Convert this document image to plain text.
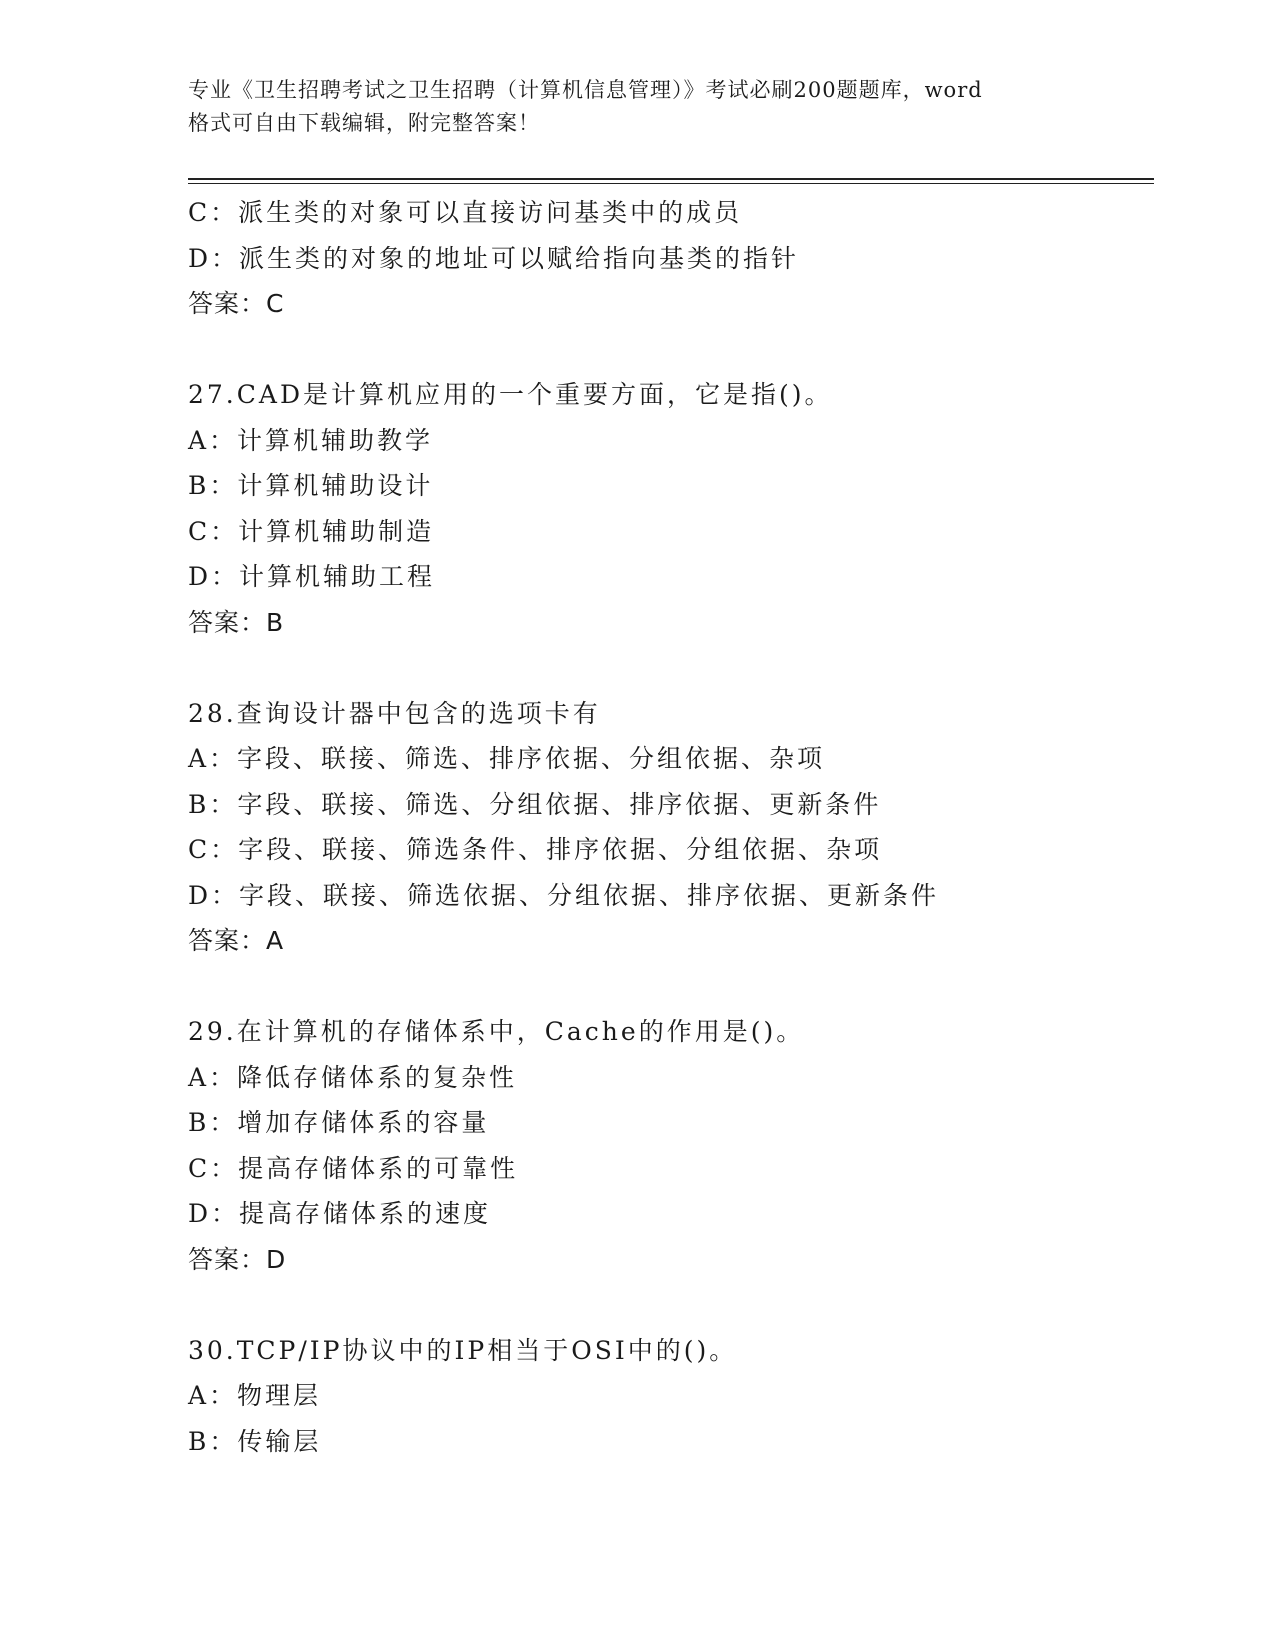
专业《卫生招聘考试之卫生招聘（计算机信息管理）》考试必刷200题题库，word
格式可自由下载编辑，附完整答案！
C：派生类的对象可以直接访问基类中的成员
D：派生类的对象的地址可以赋给指向基类的指针
答案：C
27.CAD是计算机应用的一个重要方面，它是指()。
A：计算机辅助教学
B：计算机辅助设计
C：计算机辅助制造
D：计算机辅助工程
答案：B
28.查询设计器中包含的选项卡有
A：字段、联接、筛选、排序依据、分组依据、杂项
B：字段、联接、筛选、分组依据、排序依据、更新条件
C：字段、联接、筛选条件、排序依据、分组依据、杂项
D：字段、联接、筛选依据、分组依据、排序依据、更新条件
答案：A
29.在计算机的存储体系中，Cache的作用是()。
A：降低存储体系的复杂性
B：增加存储体系的容量
C：提高存储体系的可靠性
D：提高存储体系的速度
答案：D
30.TCP/IP协议中的IP相当于OSI中的()。
A：物理层
B：传输层
